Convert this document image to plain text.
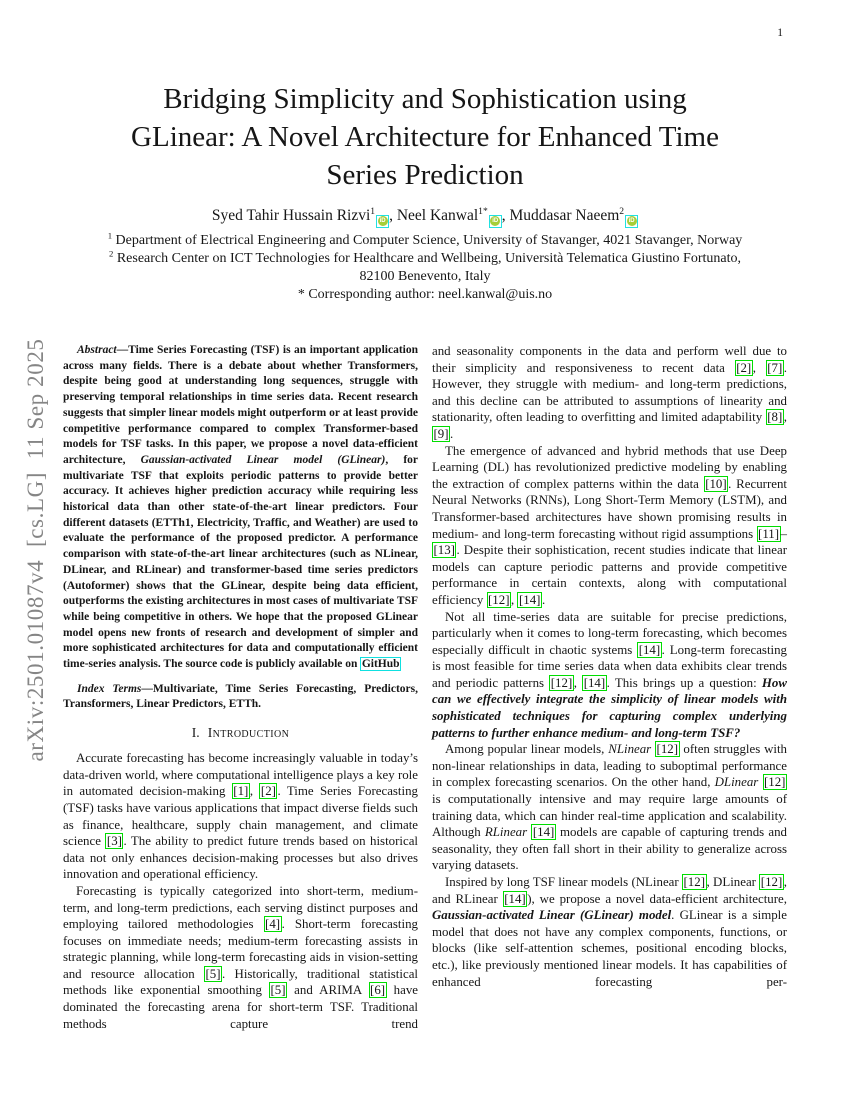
1
arXiv:2501.01087v4  [cs.LG]  11 Sep 2025
Bridging Simplicity and Sophistication using
GLinear: A Novel Architecture for Enhanced Time
Series Prediction
Syed Tahir Hussain Rizvi$^1$iD , Neel Kanwal$^{1*}$iD , Muddasar Naeem$^2$iD
$^1$ Department of Electrical Engineering and Computer Science, University of Stavanger, 4021 Stavanger, Norway
$^2$ Research Center on ICT Technologies for Healthcare and Wellbeing, Università Telematica Giustino Fortunato,
82100 Benevento, Italy
* Corresponding author: neel.kanwal@uis.no

Abstract—Time Series Forecasting (TSF) is an important application across many fields. There is a debate about whether Transformers, despite being good at understanding long sequences, struggle with preserving temporal relationships in time series data. Recent research suggests that simpler linear models might outperform or at least provide competitive performance compared to complex Transformer-based models for TSF tasks. In this paper, we propose a novel data-efficient architecture, Gaussian-activated Linear model (GLinear), for multivariate TSF that exploits periodic patterns to provide better accuracy. It achieves higher prediction accuracy while requiring less historical data than other state-of-the-art linear predictors. Four different datasets (ETTh1, Electricity, Traffic, and Weather) are used to evaluate the performance of the proposed predictor. A performance comparison with state-of-the-art linear architectures (such as NLinear, DLinear, and RLinear) and transformer-based time series predictors (Autoformer) shows that the GLinear, despite being data efficient, outperforms the existing architectures in most cases of multivariate TSF while being competitive in others. We hope that the proposed GLinear model opens new fronts of research and development of simpler and more sophisticated architectures for data and computationally efficient time-series analysis. The source code is publicly available on GitHub

Index Terms—Multivariate, Time Series Forecasting, Predictors, Transformers, Linear Predictors, ETTh.

I. Introduction

Accurate forecasting has become increasingly valuable in today’s data-driven world, where computational intelligence plays a key role in automated decision-making [1] , [2] . Time Series Forecasting (TSF) tasks have various applications that impact diverse fields such as finance, healthcare, supply chain management, and climate science [3] . The ability to predict future trends based on historical data not only enhances decision-making processes but also drives innovation and operational efficiency.

Forecasting is typically categorized into short-term, medium-term, and long-term predictions, each serving distinct purposes and employing tailored methodologies [4] . Short-term forecasting focuses on immediate needs; medium-term forecasting assists in strategic planning, while long-term forecasting aids in vision-setting and resource allocation [5] . Historically, traditional statistical methods like exponential smoothing [5] and ARIMA [6] have dominated the forecasting arena for short-term TSF. Traditional methods capture trend

and seasonality components in the data and perform well due to their simplicity and responsiveness to recent data [2] , [7] . However, they struggle with medium- and long-term predictions, and this decline can be attributed to assumptions of linearity and stationarity, often leading to overfitting and limited adaptability [8] , [9] .

The emergence of advanced and hybrid methods that use Deep Learning (DL) has revolutionized predictive modeling by enabling the extraction of complex patterns within the data [10] . Recurrent Neural Networks (RNNs), Long Short-Term Memory (LSTM), and Transformer-based architectures have shown promising results in medium- and long-term forecasting without rigid assumptions [11] –[13] . Despite their sophistication, recent studies indicate that linear models can capture periodic patterns and provide competitive performance in certain contexts, along with computational efficiency [12] , [14] .

Not all time-series data are suitable for precise predictions, particularly when it comes to long-term forecasting, which becomes especially difficult in chaotic systems [14] . Long-term forecasting is most feasible for time series data when data exhibits clear trends and periodic patterns [12] , [14] . This brings up a question: How can we effectively integrate the simplicity of linear models with sophisticated techniques for capturing complex underlying patterns to further enhance medium- and long-term TSF?

Among popular linear models, NLinear [12] often struggles with non-linear relationships in data, leading to suboptimal performance in complex forecasting scenarios. On the other hand, DLinear [12] is computationally intensive and may require large amounts of training data, which can hinder real-time application and scalability. Although RLinear [14] models are capable of capturing trends and seasonality, they often fall short in their ability to generalize across varying datasets.

Inspired by long TSF linear models (NLinear [12] , DLinear [12] , and RLinear [14] ), we propose a novel data-efficient architecture, Gaussian-activated Linear (GLinear) model. GLinear is a simple model that does not have any complex components, functions, or blocks (like self-attention schemes, positional encoding blocks, etc.), like previously mentioned linear models. It has capabilities of enhanced forecasting per-
